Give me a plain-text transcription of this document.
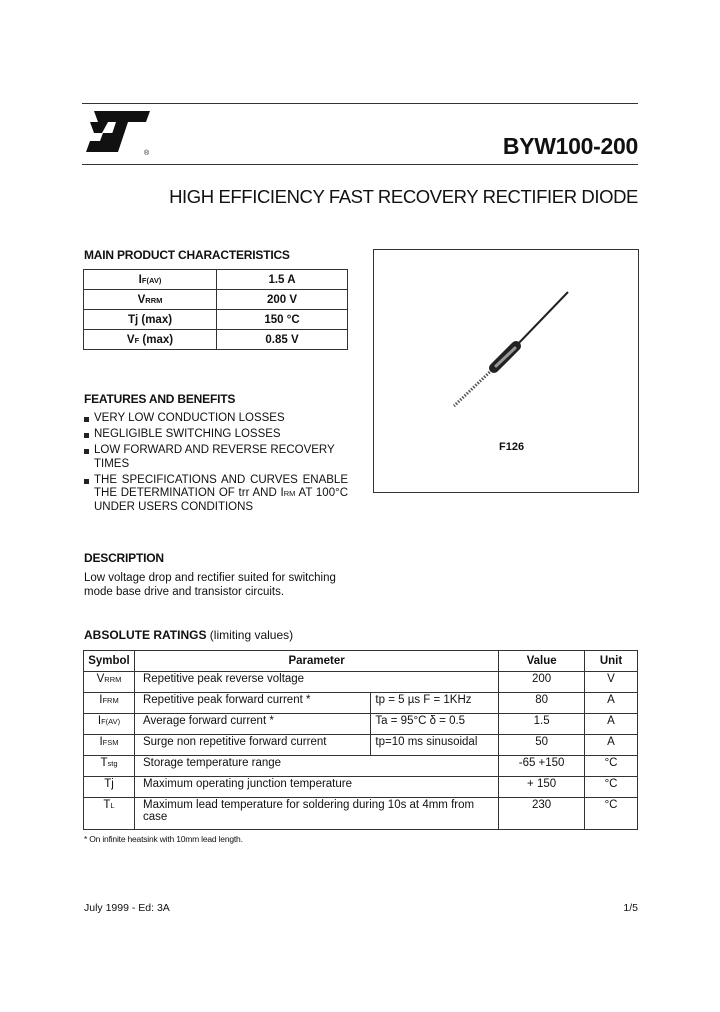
®	BYW100-200
HIGH EFFICIENCY FAST RECOVERY RECTIFIER DIODE
MAIN PRODUCT CHARACTERISTICS
IF(AV)	1.5 A
VRRM	200 V
Tj (max)	150 °C
VF (max)	0.85 V
F126
FEATURES AND BENEFITS
VERY LOW CONDUCTION LOSSES
NEGLIGIBLE SWITCHING LOSSES
LOW FORWARD AND REVERSE RECOVERY TIMES
THE SPECIFICATIONS AND CURVES ENABLE THE DETERMINATION OF trr AND IRM AT 100°C UNDER USERS CONDITIONS
DESCRIPTION
Low voltage drop and rectifier suited for switching mode base drive and transistor circuits.
ABSOLUTE RATINGS (limiting values)
Symbol	Parameter		Value	Unit
VRRM	Repetitive peak reverse voltage		200	V
IFRM	Repetitive peak forward current *	tp = 5 µs F = 1KHz	80	A
IF(AV)	Average forward current *	Ta = 95°C δ = 0.5	1.5	A
IFSM	Surge non repetitive forward current	tp=10 ms sinusoidal	50	A
Tstg	Storage temperature range		-65 +150	°C
Tj	Maximum operating junction temperature		+ 150	°C
TL	Maximum lead temperature for soldering during 10s at 4mm from case		230	°C
* On infinite heatsink with 10mm lead length.
July 1999 - Ed: 3A	1/5
